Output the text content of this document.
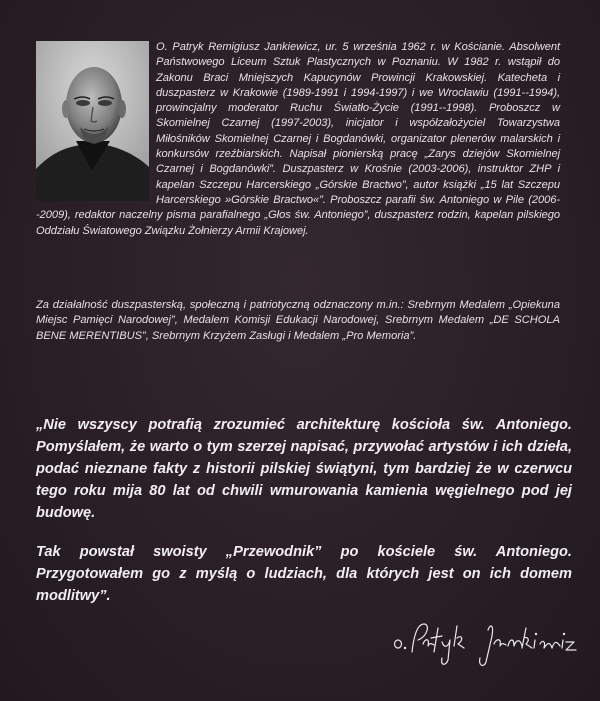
O. Patryk Remigiusz Jankiewicz, ur. 5 września 1962 r. w Kościanie. Absolwent Państwowego Liceum Sztuk Plastycznych w Poznaniu. W 1982 r. wstąpił do Zakonu Braci Mniejszych Kapucynów Prowincji Krakowskiej. Katecheta i duszpasterz w Krakowie (1989-1991 i 1994-1997) i we Wrocławiu (1991--1994), prowincjalny moderator Ruchu Światło-Życie (1991--1998). Proboszcz w Skomielnej Czarnej (1997-2003), inicjator i współzałożyciel Towarzystwa Miłośników Skomielnej Czarnej i Bogdanówki, organizator plenerów malarskich i konkursów rzeźbiarskich. Napisał pionierską pracę „Zarys dziejów Skomielnej Czarnej i Bogdanówki”. Duszpasterz w Krośnie (2003-2006), instruktor ZHP i kapelan Szczepu Harcerskiego „Górskie Bractwo”, autor książki „15 lat Szczepu Harcerskiego »Górskie Bractwo«”. Proboszcz parafii św. Antoniego w Pile (2006--2009), redaktor naczelny pisma parafialnego „Głos św. Antoniego”, duszpasterz rodzin, kapelan pilskiego Oddziału Światowego Związku Żołnierzy Armii Krajowej.

Za działalność duszpasterską, społeczną i patriotyczną odznaczony m.in.: Srebrnym Medalem „Opiekuna Miejsc Pamięci Narodowej”, Medalem Komisji Edukacji Narodowej, Srebrnym Medalem „DE SCHOLA BENE MERENTIBUS”, Srebrnym Krzyżem Zasługi i Medalem „Pro Memoria”.

„Nie wszyscy potrafią zrozumieć architekturę kościoła św. Antoniego. Pomyślałem, że warto o tym szerzej napisać, przywołać artystów i ich dzieła, podać nieznane fakty z historii pilskiej świątyni, tym bardziej że w czerwcu tego roku mija 80 lat od chwili wmurowania kamienia węgielnego pod jej budowę.

Tak powstał swoisty „Przewodnik” po kościele św. Antoniego. Przygotowałem go z myślą o ludziach, dla których jest on ich domem modlitwy”.
